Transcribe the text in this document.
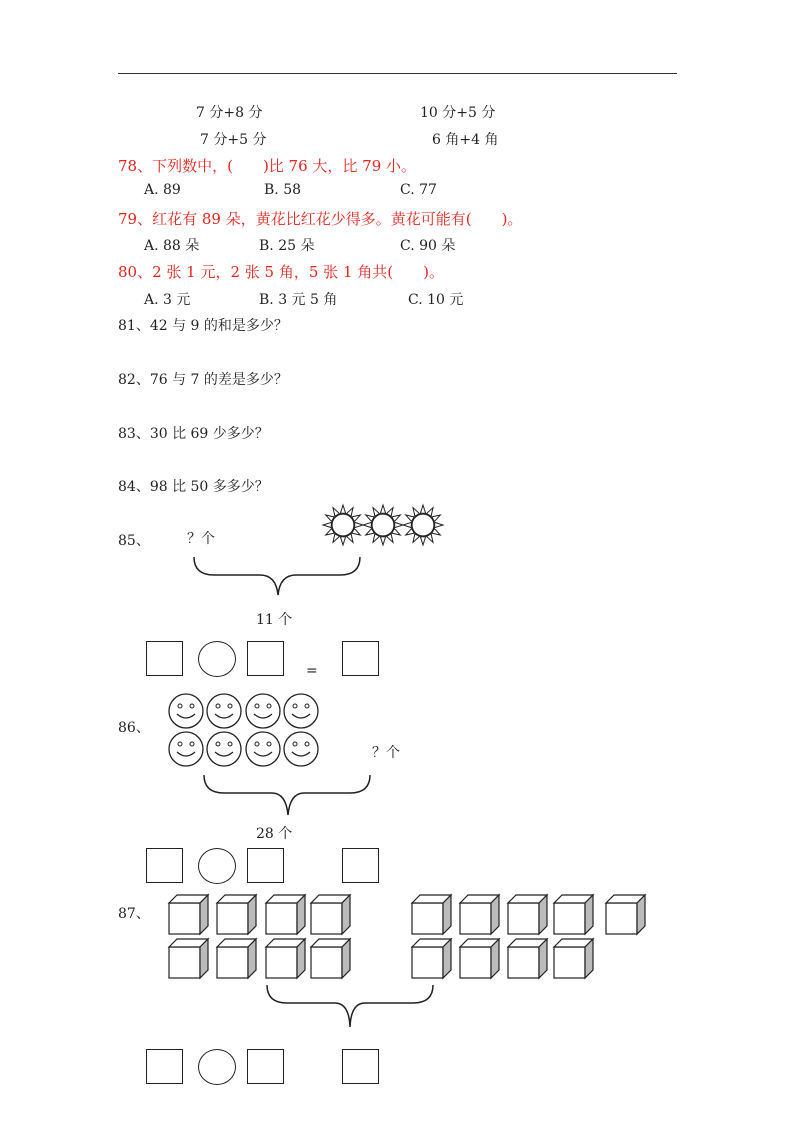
7 分+8 分	10 分+5 分
7 分+5 分	6 角+4 角
78、下列数中，(　　)比 76 大，比 79 小。
A. 89	B. 58	C. 77
79、红花有 89 朵，黄花比红花少得多。黄花可能有(　　)。
A. 88 朵	B. 25 朵	C. 90 朵
80、2 张 1 元，2 张 5 角，5 张 1 角共(　　)。
A. 3 元	B. 3 元 5 角	C. 10 元
81、42 与 9 的和是多少？
82、76 与 7 的差是多少？
83、30 比 69 少多少？
84、98 比 50 多多少？
85、	？个
11 个
=
86、
？个
28 个
87、
